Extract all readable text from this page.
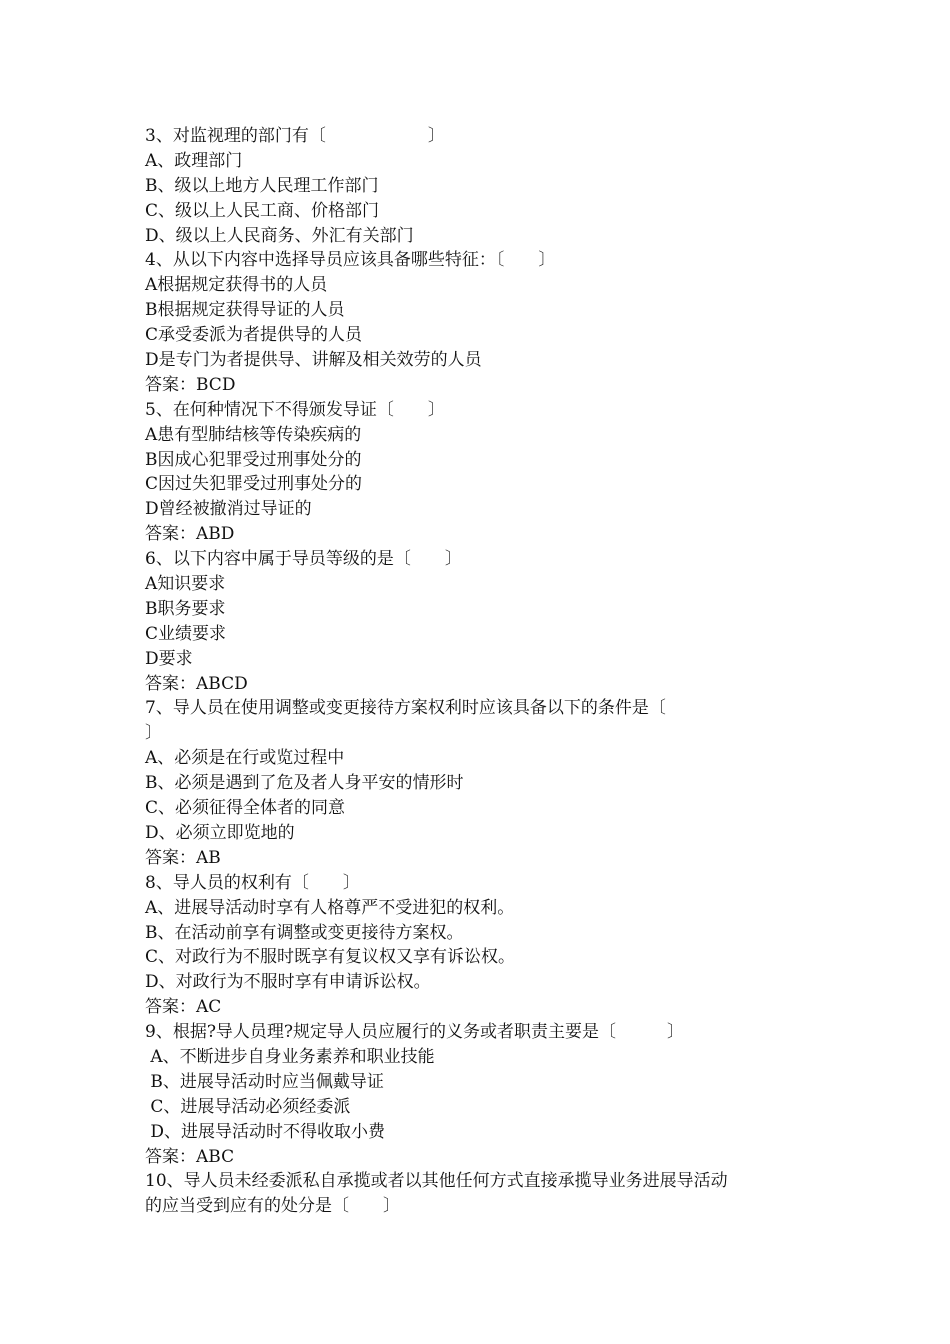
3、对监视理的部门有〔　　　　　　〕
A、政理部门
B、级以上地方人民理工作部门
C、级以上人民工商、价格部门
D、级以上人民商务、外汇有关部门
4、从以下内容中选择导员应该具备哪些特征：〔　　〕
A根据规定获得书的人员
B根据规定获得导证的人员
C承受委派为者提供导的人员
D是专门为者提供导、讲解及相关效劳的人员
答案：BCD
5、在何种情况下不得颁发导证〔　　〕
A患有型肺结核等传染疾病的
B因成心犯罪受过刑事处分的
C因过失犯罪受过刑事处分的
D曾经被撤消过导证的
答案：ABD
6、以下内容中属于导员等级的是〔　　〕
A知识要求
B职务要求
C业绩要求
D要求
答案：ABCD
7、导人员在使用调整或变更接待方案权利时应该具备以下的条件是〔
〕
A、必须是在行或览过程中
B、必须是遇到了危及者人身平安的情形时
C、必须征得全体者的同意
D、必须立即览地的
答案：AB
8、导人员的权利有〔　　〕
A、进展导活动时享有人格尊严不受进犯的权利。
B、在活动前享有调整或变更接待方案权。
C、对政行为不服时既享有复议权又享有诉讼权。
D、对政行为不服时享有申请诉讼权。
答案：AC
9、根据?导人员理?规定导人员应履行的义务或者职责主要是〔　　　〕
A、不断进步自身业务素养和职业技能
B、进展导活动时应当佩戴导证
C、进展导活动必须经委派
D、进展导活动时不得收取小费
答案：ABC
10、导人员未经委派私自承揽或者以其他任何方式直接承揽导业务进展导活动
的应当受到应有的处分是〔　　〕
